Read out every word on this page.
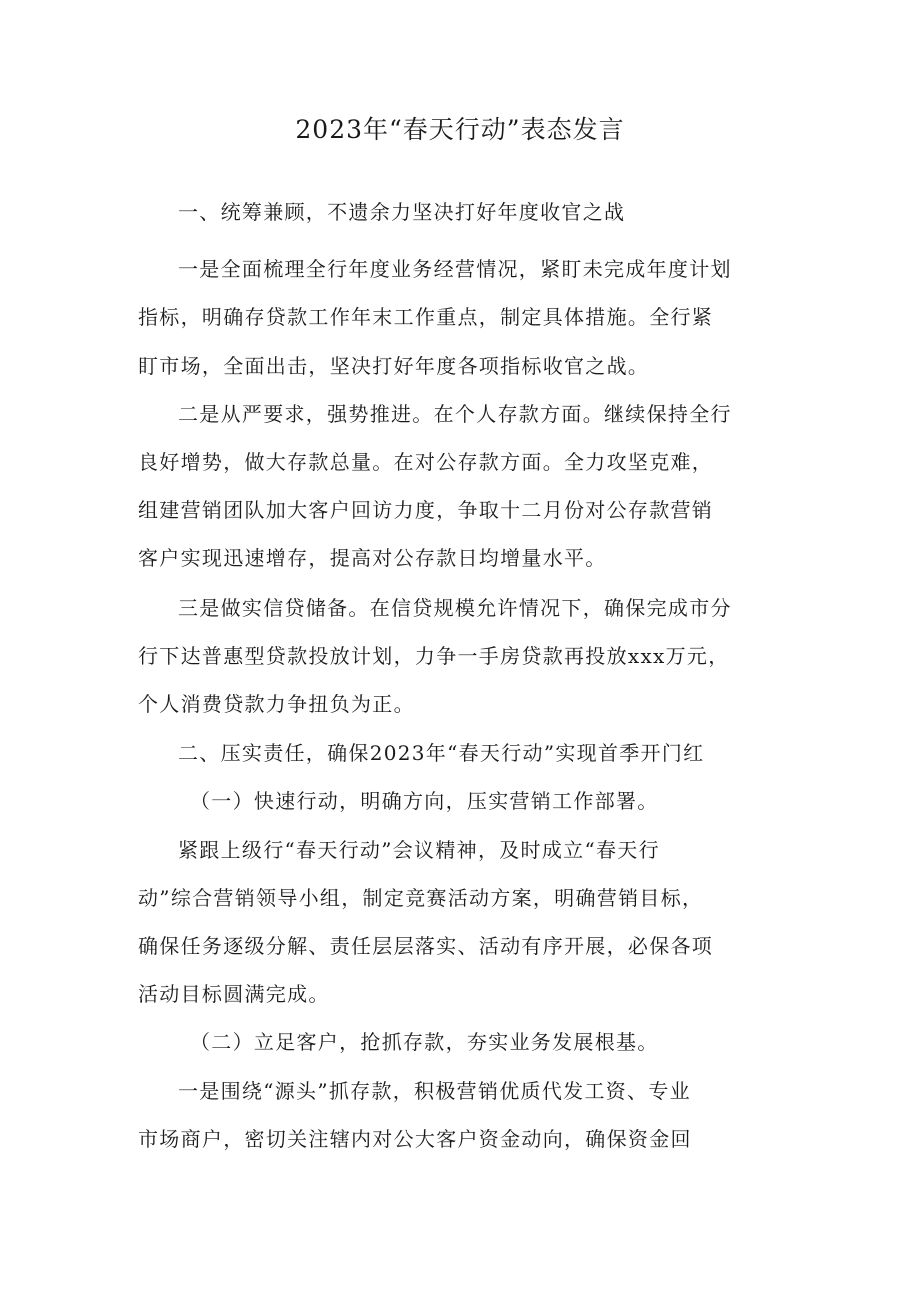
2023年“春天行动”表态发言
一、统筹兼顾，不遗余力坚决打好年度收官之战
一是全面梳理全行年度业务经营情况，紧盯未完成年度计划
指标，明确存贷款工作年末工作重点，制定具体措施。全行紧
盯市场，全面出击，坚决打好年度各项指标收官之战。
二是从严要求，强势推进。在个人存款方面。继续保持全行
良好增势，做大存款总量。在对公存款方面。全力攻坚克难，
组建营销团队加大客户回访力度，争取十二月份对公存款营销
客户实现迅速增存，提高对公存款日均增量水平。
三是做实信贷储备。在信贷规模允许情况下，确保完成市分
行下达普惠型贷款投放计划，力争一手房贷款再投放xxx万元，
个人消费贷款力争扭负为正。
二、压实责任，确保2023年“春天行动”实现首季开门红
（一）快速行动，明确方向，压实营销工作部署。
紧跟上级行“春天行动”会议精神，及时成立“春天行
动”综合营销领导小组，制定竞赛活动方案，明确营销目标，
确保任务逐级分解、责任层层落实、活动有序开展，必保各项
活动目标圆满完成。
（二）立足客户，抢抓存款，夯实业务发展根基。
一是围绕“源头”抓存款，积极营销优质代发工资、专业
市场商户，密切关注辖内对公大客户资金动向，确保资金回
